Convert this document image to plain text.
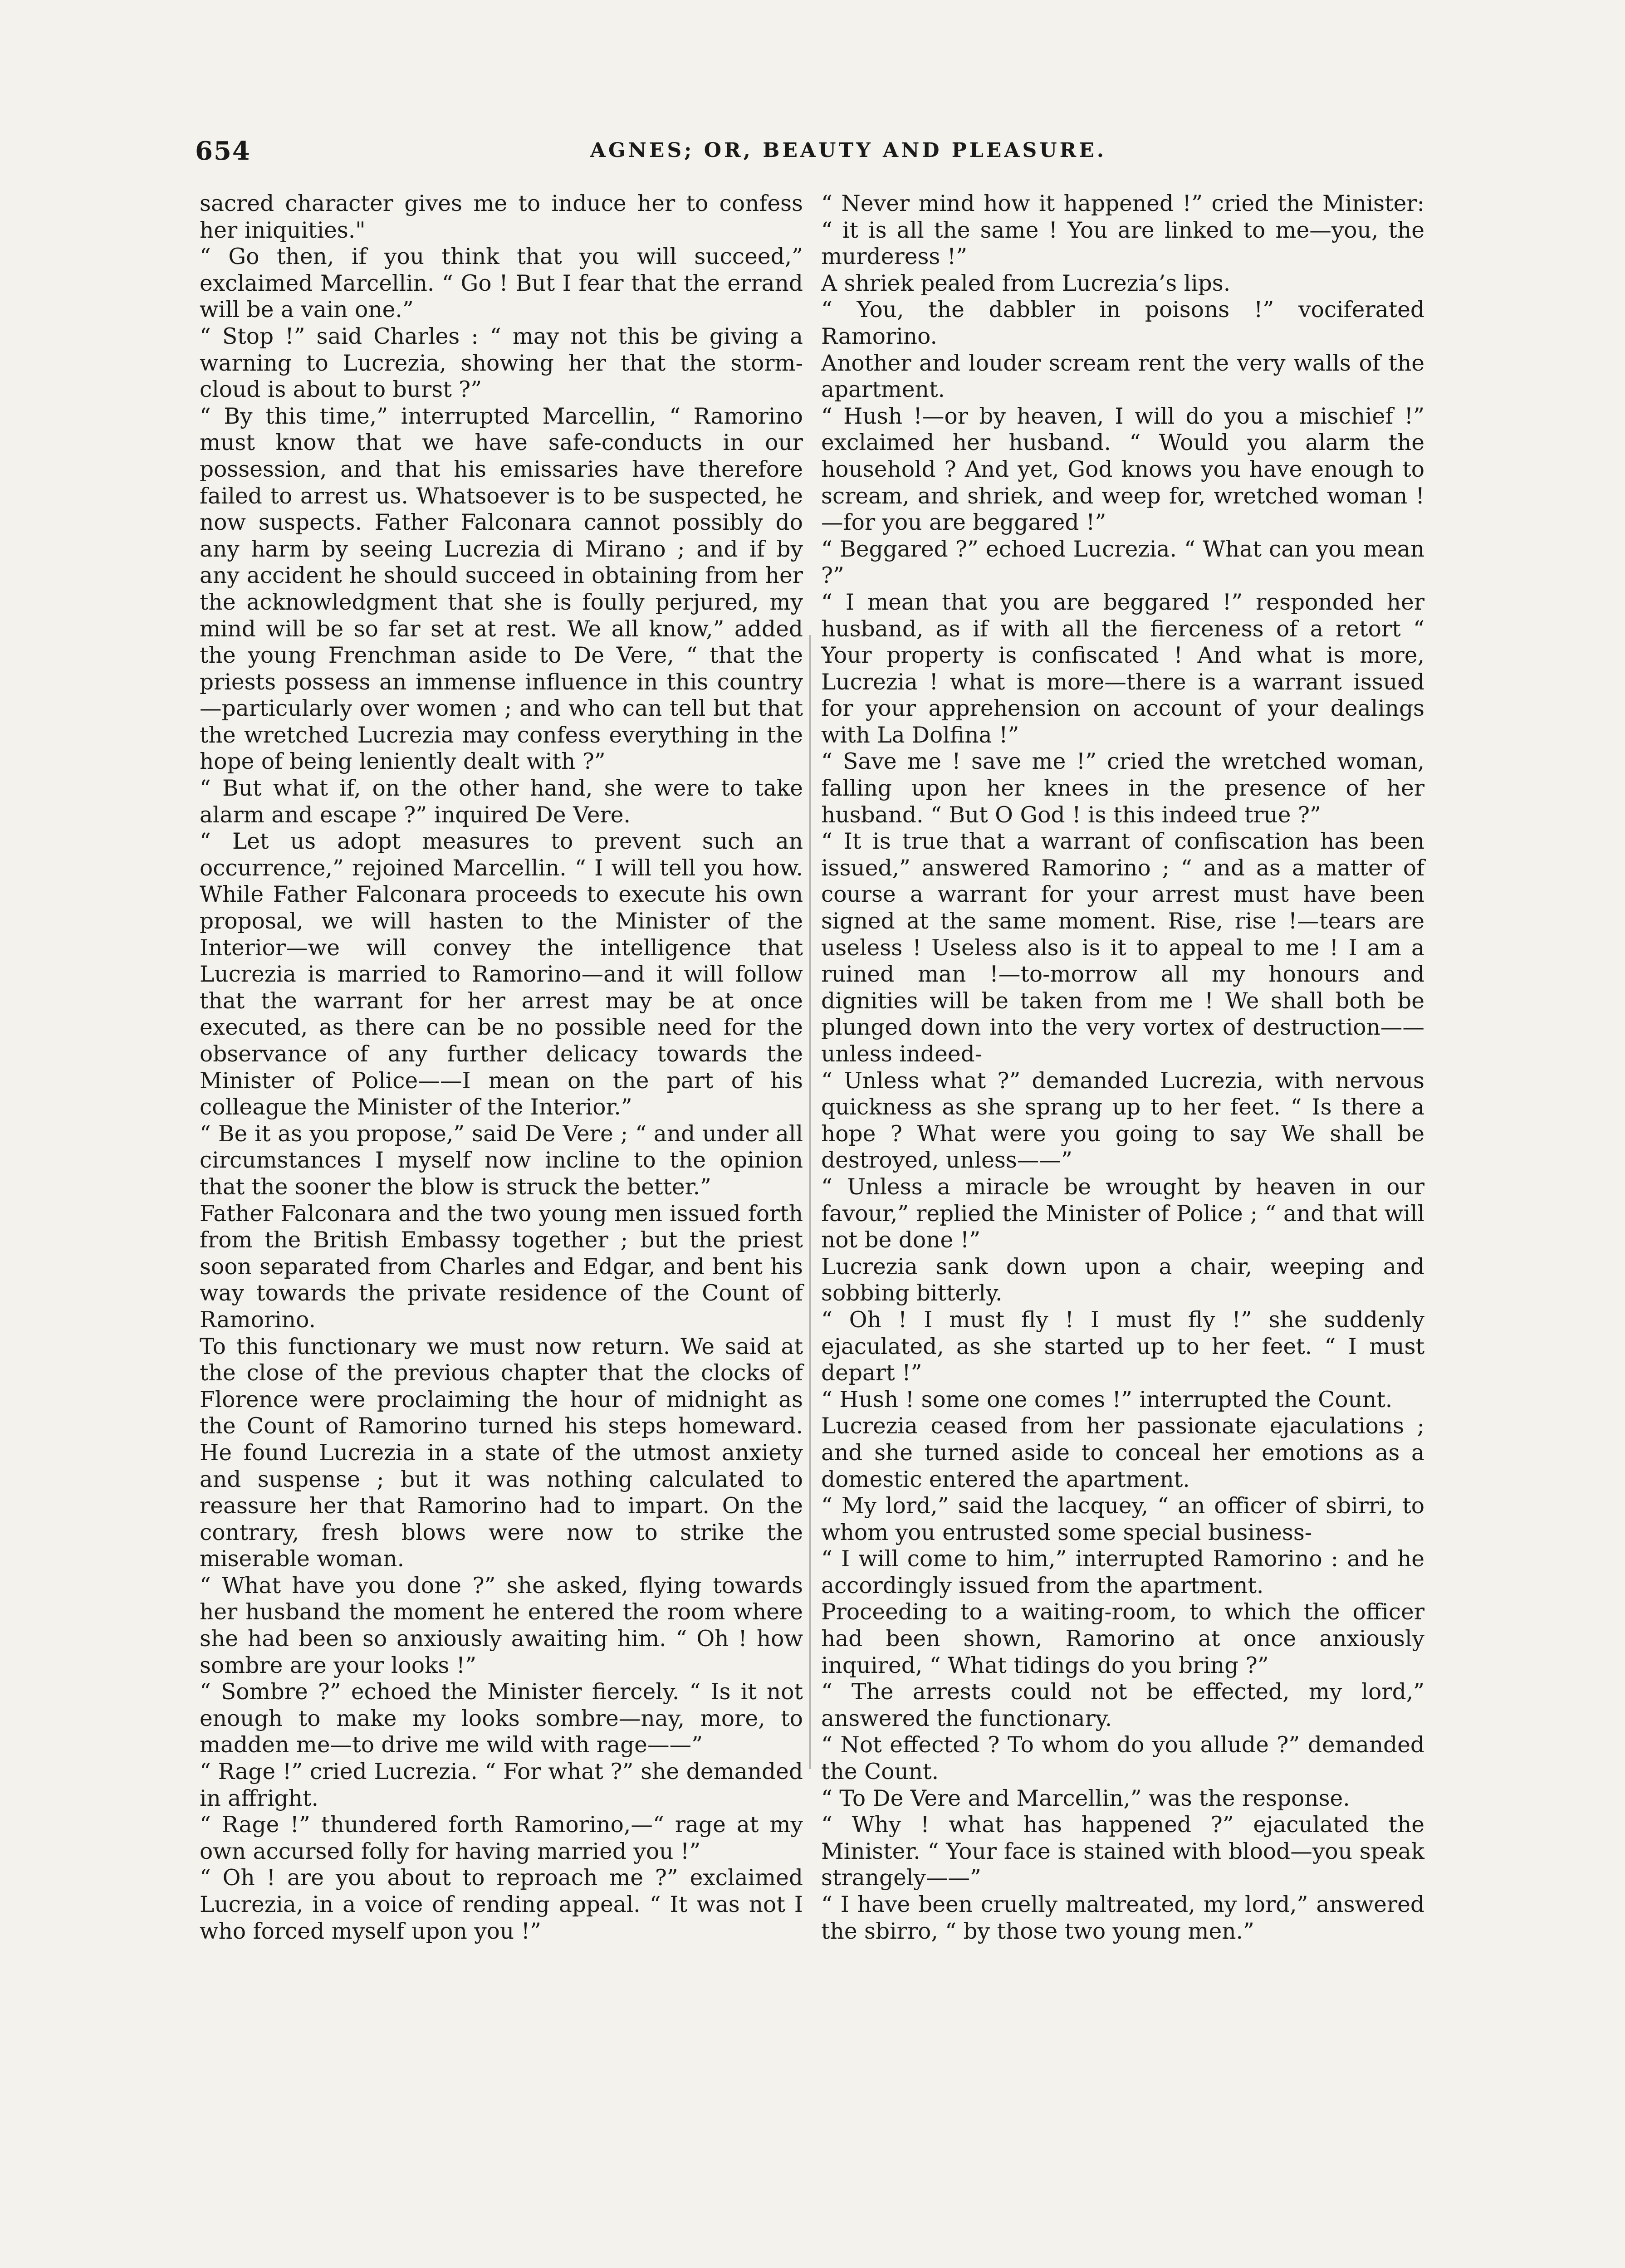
654	AGNES; OR, BEAUTY AND PLEASURE.

sacred character gives me to induce her to confess her iniquities."

“ Go then, if you think that you will succeed,” exclaimed Marcellin. “ Go ! But I fear that the errand will be a vain one.”

“ Stop !” said Charles : “ may not this be giving a warning to Lucrezia, showing her that the storm-cloud is about to burst ?”

“ By this time,” interrupted Marcellin, “ Ramorino must know that we have safe-conducts in our possession, and that his emissaries have therefore failed to arrest us. Whatsoever is to be suspected, he now suspects. Father Falconara cannot possibly do any harm by seeing Lucrezia di Mirano ; and if by any accident he should succeed in obtaining from her the acknowledgment that she is foully perjured, my mind will be so far set at rest. We all know,” added the young Frenchman aside to De Vere, “ that the priests possess an immense influence in this country—particularly over women ; and who can tell but that the wretched Lucrezia may confess everything in the hope of being leniently dealt with ?”

“ But what if, on the other hand, she were to take alarm and escape ?” inquired De Vere.

“ Let us adopt measures to prevent such an occurrence,” rejoined Marcellin. “ I will tell you how. While Father Falconara proceeds to execute his own proposal, we will hasten to the Minister of the Interior—we will convey the intelligence that Lucrezia is married to Ramorino—and it will follow that the warrant for her arrest may be at once executed, as there can be no possible need for the observance of any further delicacy towards the Minister of Police——I mean on the part of his colleague the Minister of the Interior.”

“ Be it as you propose,” said De Vere ; “ and under all circumstances I myself now incline to the opinion that the sooner the blow is struck the better.”

Father Falconara and the two young men issued forth from the British Embassy together ; but the priest soon separated from Charles and Edgar, and bent his way towards the private residence of the Count of Ramorino.

To this functionary we must now return. We said at the close of the previous chapter that the clocks of Florence were proclaiming the hour of midnight as the Count of Ramorino turned his steps homeward. He found Lucrezia in a state of the utmost anxiety and suspense ; but it was nothing calculated to reassure her that Ramorino had to impart. On the contrary, fresh blows were now to strike the miserable woman.

“ What have you done ?” she asked, flying towards her husband the moment he entered the room where she had been so anxiously awaiting him. “ Oh ! how sombre are your looks !”

“ Sombre ?” echoed the Minister fiercely. “ Is it not enough to make my looks sombre—nay, more, to madden me—to drive me wild with rage——”

“ Rage !” cried Lucrezia. “ For what ?” she demanded in affright.

“ Rage !” thundered forth Ramorino,—“ rage at my own accursed folly for having married you !”

“ Oh ! are you about to reproach me ?” exclaimed Lucrezia, in a voice of rending appeal. “ It was not I who forced myself upon you !”

“ Never mind how it happened !” cried the Minister: “ it is all the same ! You are linked to me—you, the murderess !”

A shriek pealed from Lucrezia’s lips.

“ You, the dabbler in poisons !” vociferated Ramorino.

Another and louder scream rent the very walls of the apartment.

“ Hush !—or by heaven, I will do you a mischief !” exclaimed her husband. “ Would you alarm the household ? And yet, God knows you have enough to scream, and shriek, and weep for, wretched woman !—for you are beggared !”

“ Beggared ?” echoed Lucrezia. “ What can you mean ?”

“ I mean that you are beggared !” responded her husband, as if with all the fierceness of a retort “ Your property is confiscated ! And what is more, Lucrezia ! what is more—there is a warrant issued for your apprehension on account of your dealings with La Dolfina !”

“ Save me ! save me !” cried the wretched woman, falling upon her knees in the presence of her husband. “ But O God ! is this indeed true ?”

“ It is true that a warrant of confiscation has been issued,” answered Ramorino ; “ and as a matter of course a warrant for your arrest must have been signed at the same moment. Rise, rise !—tears are useless ! Useless also is it to appeal to me ! I am a ruined man !—to-morrow all my honours and dignities will be taken from me ! We shall both be plunged down into the very vortex of destruction——unless indeed-

“ Unless what ?” demanded Lucrezia, with nervous quickness as she sprang up to her feet. “ Is there a hope ? What were you going to say We shall be destroyed, unless——”

“ Unless a miracle be wrought by heaven in our favour,” replied the Minister of Police ; “ and that will not be done !”

Lucrezia sank down upon a chair, weeping and sobbing bitterly.

“ Oh ! I must fly ! I must fly !” she suddenly ejaculated, as she started up to her feet. “ I must depart !”

“ Hush ! some one comes !” interrupted the Count.

Lucrezia ceased from her passionate ejaculations ; and she turned aside to conceal her emotions as a domestic entered the apartment.

“ My lord,” said the lacquey, “ an officer of sbirri, to whom you entrusted some special business-

“ I will come to him,” interrupted Ramorino : and he accordingly issued from the apartment.

Proceeding to a waiting-room, to which the officer had been shown, Ramorino at once anxiously inquired, “ What tidings do you bring ?”

“ The arrests could not be effected, my lord,” answered the functionary.

“ Not effected ? To whom do you allude ?” demanded the Count.

“ To De Vere and Marcellin,” was the response.

“ Why ! what has happened ?” ejaculated the Minister. “ Your face is stained with blood—you speak strangely——”

“ I have been cruelly maltreated, my lord,” answered the sbirro, “ by those two young men.”
